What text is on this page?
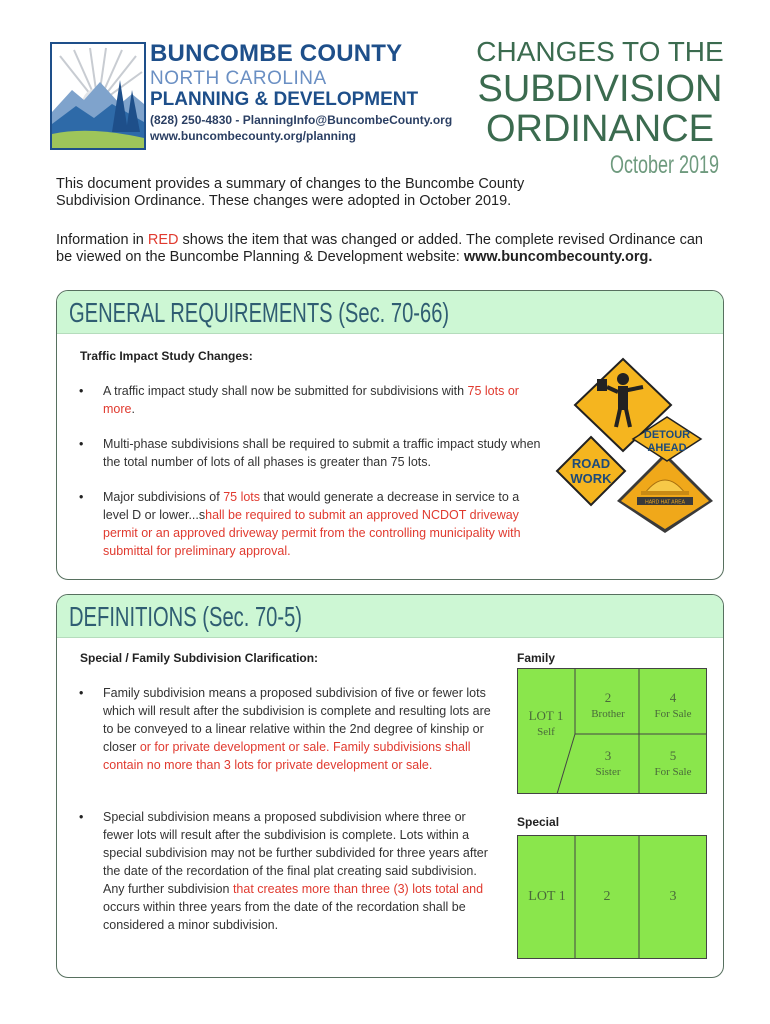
BUNCOMBE COUNTY
NORTH CAROLINA
PLANNING & DEVELOPMENT
(828) 250-4830 - PlanningInfo@BuncombeCounty.org
www.buncombecounty.org/planning
CHANGES TO THE
SUBDIVISION
ORDINANCE
October 2019
This document provides a summary of changes to the Buncombe County Subdivision Ordinance. These changes were adopted in October 2019.
Information in RED shows the item that was changed or added. The complete revised Ordinance can be viewed on the Buncombe Planning & Development website: www.buncombecounty.org.
GENERAL REQUIREMENTS (Sec. 70-66)
Traffic Impact Study Changes:
• A traffic impact study shall now be submitted for subdivisions with 75 lots or more.
• Multi-phase subdivisions shall be required to submit a traffic impact study when the total number of lots of all phases is greater than 75 lots.
• Major subdivisions of 75 lots that would generate a decrease in service to a level D or lower...shall be required to submit an approved NCDOT driveway permit or an approved driveway permit from the controlling municipality with submittal for preliminary approval.
HARD HAT AREA
ROAD
WORK
DETOUR
AHEAD
DEFINITIONS (Sec. 70-5)
Special / Family Subdivision Clarification:
• Family subdivision means a proposed subdivision of five or fewer lots which will result after the subdivision is complete and resulting lots are to be conveyed to a linear relative within the 2nd degree of kinship or closer or for private development or sale. Family subdivisions shall contain no more than 3 lots for private development or sale.
• Special subdivision means a proposed subdivision where three or fewer lots will result after the subdivision is complete. Lots within a special subdivision may not be further subdivided for three years after the date of the recordation of the final plat creating said subdivision. Any further subdivision that creates more than three (3) lots total and occurs within three years from the date of the recordation shall be considered a minor subdivision.
Family
LOT 1
Self
2
Brother
4
For Sale
3
Sister
5
For Sale
Special
LOT 1	2	3
